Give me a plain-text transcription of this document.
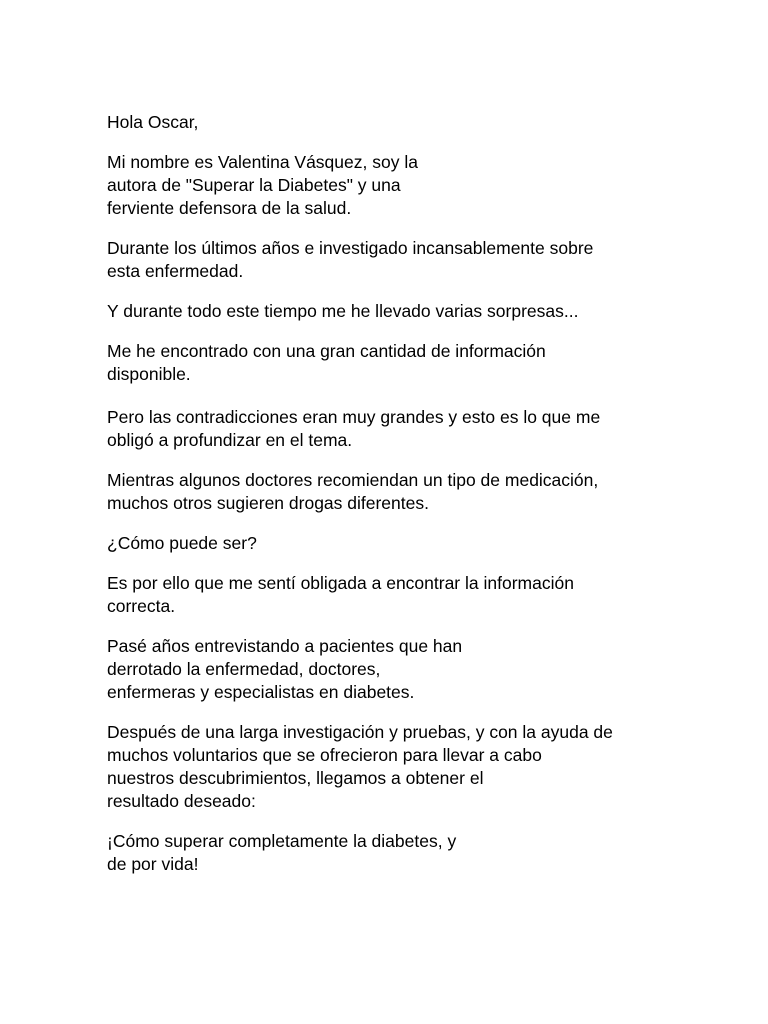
Hola Oscar,

Mi nombre es Valentina Vásquez, soy la
autora de "Superar la Diabetes" y una
ferviente defensora de la salud.

Durante los últimos años e investigado incansablemente sobre
esta enfermedad.

Y durante todo este tiempo me he llevado varias sorpresas...

Me he encontrado con una gran cantidad de información
disponible.

Pero las contradicciones eran muy grandes y esto es lo que me
obligó a profundizar en el tema.

Mientras algunos doctores recomiendan un tipo de medicación,
muchos otros sugieren drogas diferentes.

¿Cómo puede ser?

Es por ello que me sentí obligada a encontrar la información
correcta.

Pasé años entrevistando a pacientes que han
derrotado la enfermedad, doctores,
enfermeras y especialistas en diabetes.

Después de una larga investigación y pruebas, y con la ayuda de
muchos voluntarios que se ofrecieron para llevar a cabo
nuestros descubrimientos, llegamos a obtener el
resultado deseado:

¡Cómo superar completamente la diabetes, y
de por vida!
